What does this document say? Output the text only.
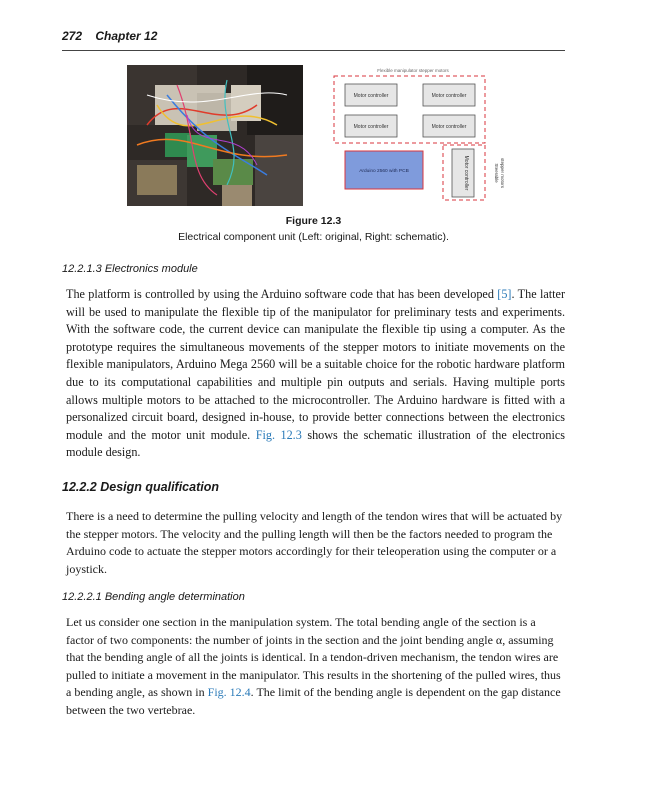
272 Chapter 12
Flexible manipulator stepper motors
Motor controller	Motor controller
Motor controller	Motor controller
Arduino 2560 with PCB	Motor controller	Steerable stepper motors
Figure 12.3
Electrical component unit (Left: original, Right: schematic).
12.2.1.3 Electronics module

The platform is controlled by using the Arduino software code that has been developed [5]. The latter will be used to manipulate the flexible tip of the manipulator for preliminary tests and experiments. With the software code, the current device can manipulate the flexible tip using a computer. As the prototype requires the simultaneous movements of the stepper motors to initiate movements on the flexible manipulators, Arduino Mega 2560 will be a suitable choice for the robotic hardware platform due to its computational capabilities and multiple pin outputs and serials. Having multiple ports allows multiple motors to be attached to the microcontroller. The Arduino hardware is fitted with a personalized circuit board, designed in-house, to provide better connections between the electronics module and the motor unit module. Fig. 12.3 shows the schematic illustration of the electronics module design.

12.2.2 Design qualification

There is a need to determine the pulling velocity and length of the tendon wires that will be actuated by the stepper motors. The velocity and the pulling length will then be the factors needed to program the Arduino code to actuate the stepper motors accordingly for their teleoperation using the computer or a joystick.

12.2.2.1 Bending angle determination

Let us consider one section in the manipulation system. The total bending angle of the section is a factor of two components: the number of joints in the section and the joint bending angle α, assuming that the bending angle of all the joints is identical. In a tendon-driven mechanism, the tendon wires are pulled to initiate a movement in the manipulator. This results in the shortening of the pulled wires, thus a bending angle, as shown in Fig. 12.4. The limit of the bending angle is dependent on the gap distance between the two vertebrae.
